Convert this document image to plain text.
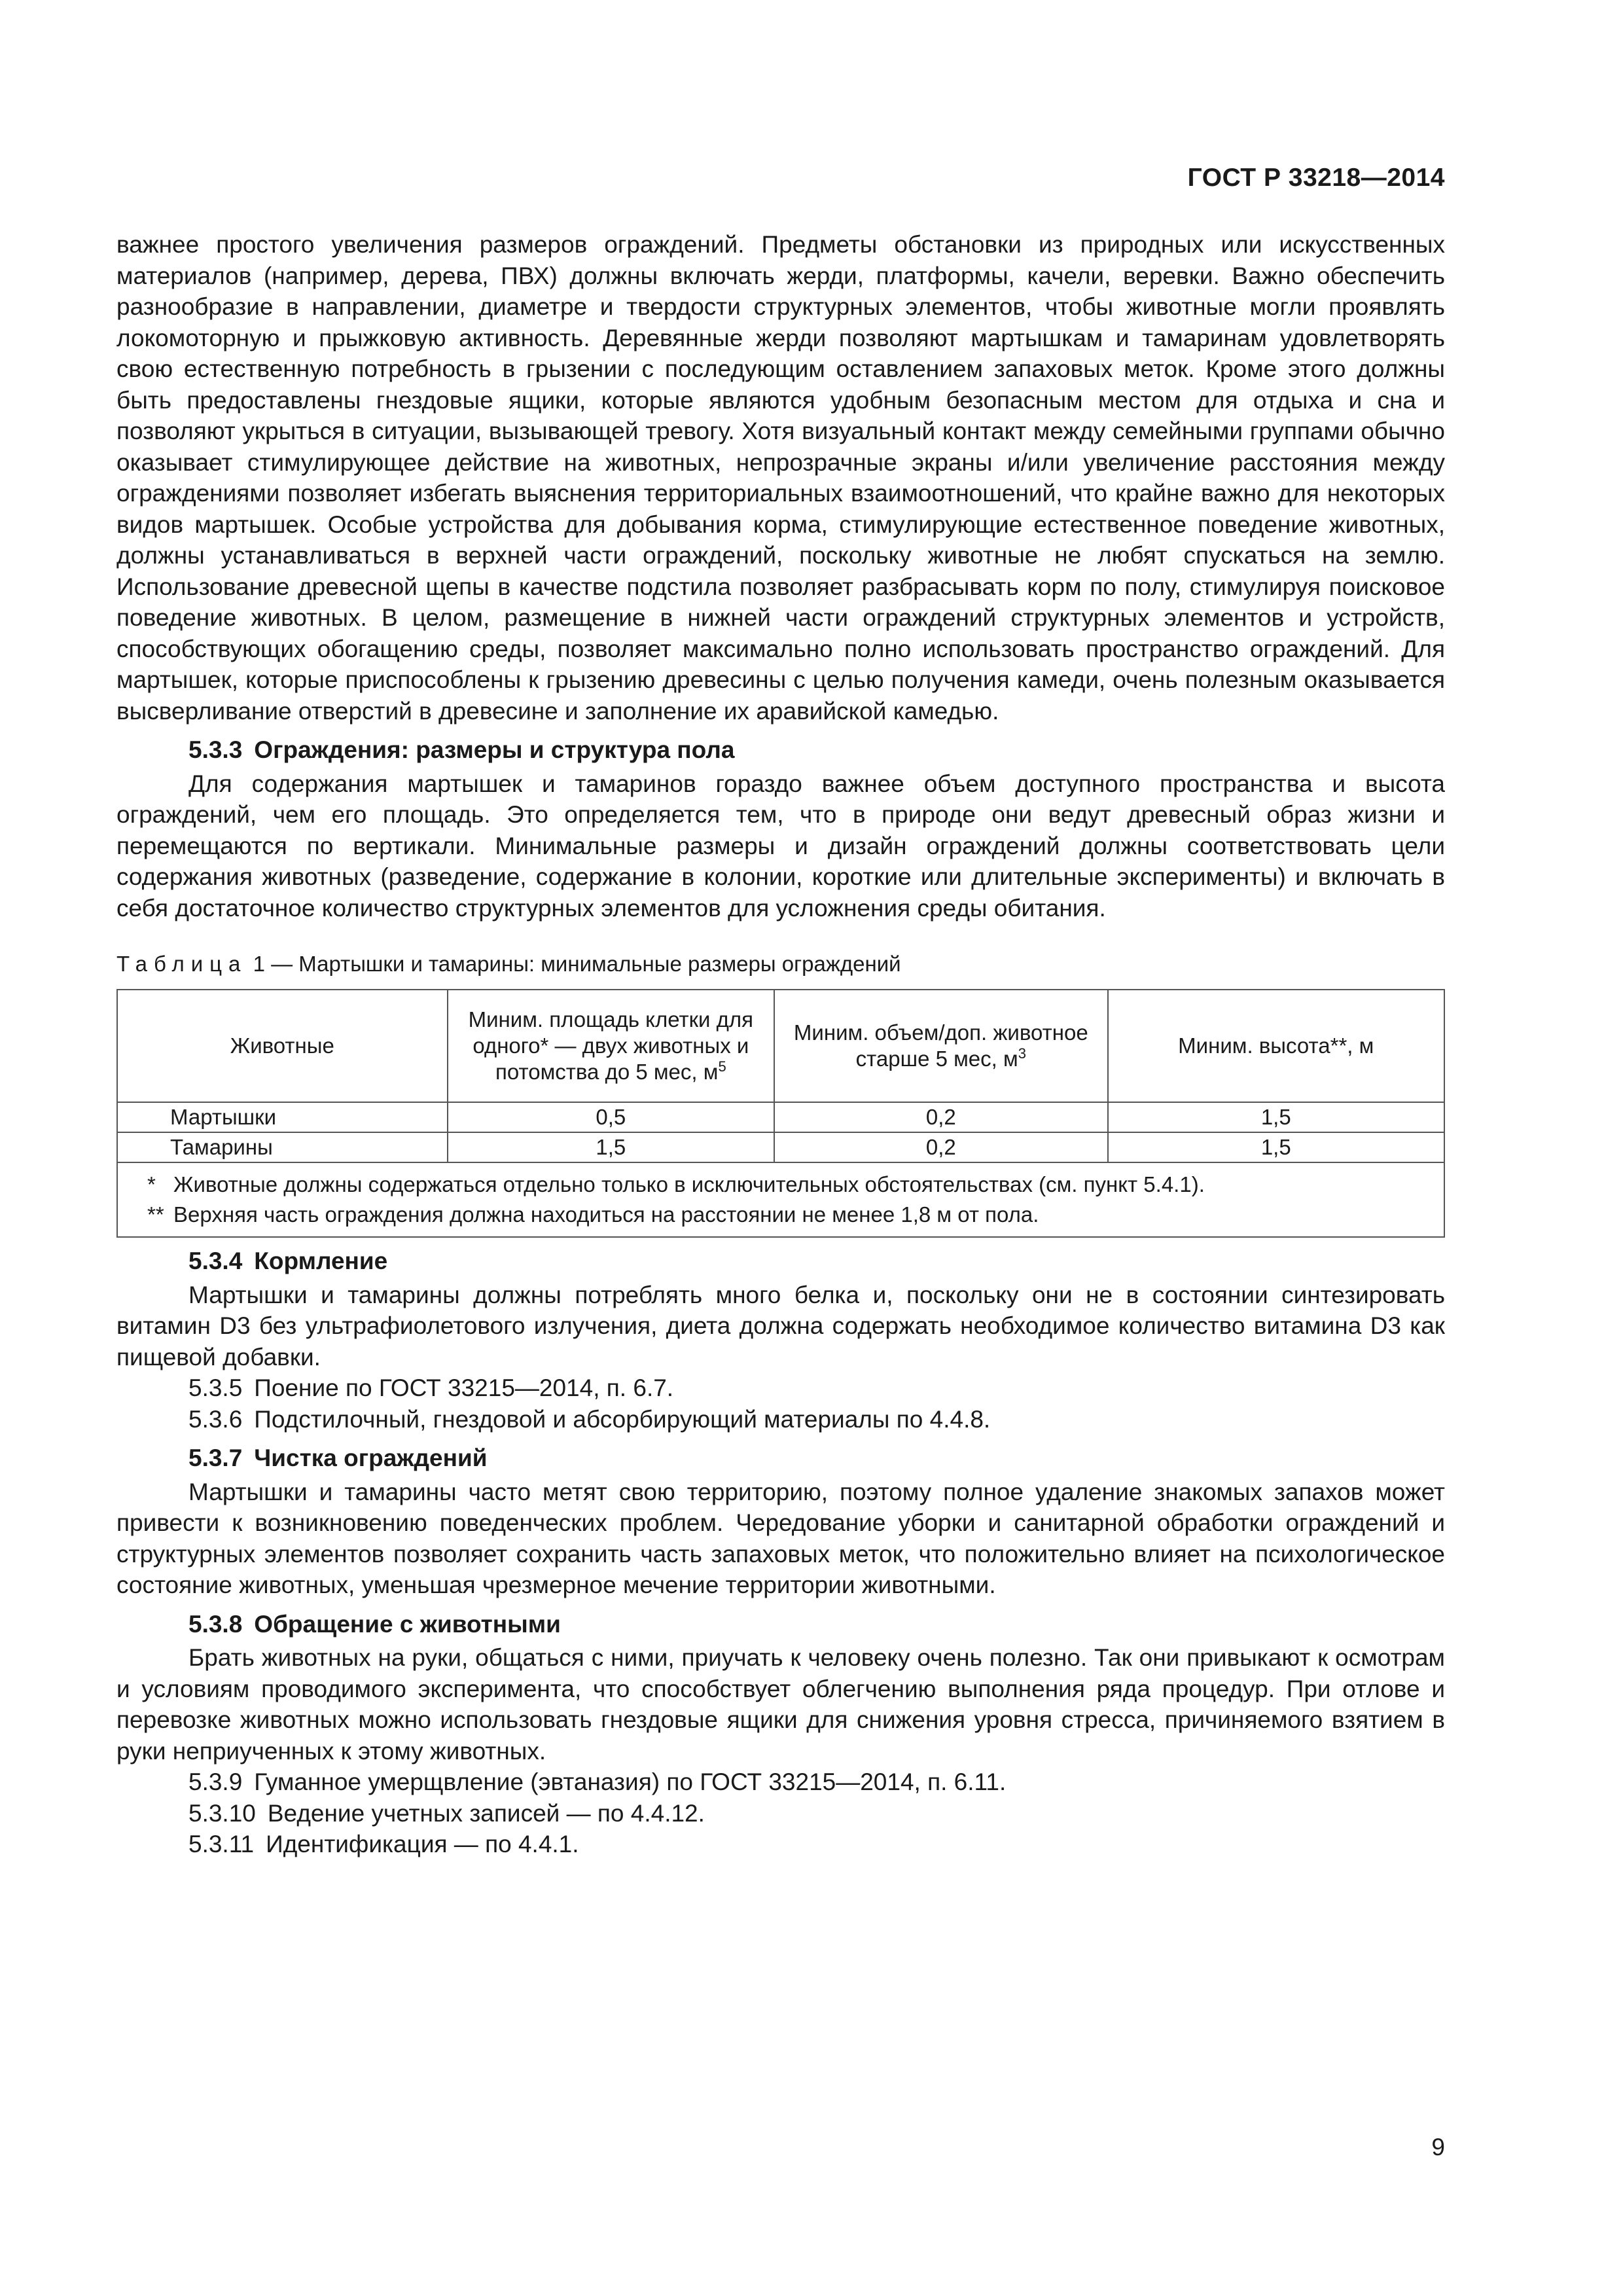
ГОСТ Р 33218—2014

важнее простого увеличения размеров ограждений. Предметы обстановки из природных или искусственных материалов (например, дерева, ПВХ) должны включать жерди, платформы, качели, веревки. Важно обеспечить разнообразие в направлении, диаметре и твердости структурных элементов, чтобы животные могли проявлять локомоторную и прыжковую активность. Деревянные жерди позволяют мартышкам и тамаринам удовлетворять свою естественную потребность в грызении с последующим оставлением запаховых меток. Кроме этого должны быть предоставлены гнездовые ящики, которые являются удобным безопасным местом для отдыха и сна и позволяют укрыться в ситуации, вызывающей тревогу. Хотя визуальный контакт между семейными группами обычно оказывает стимулирующее действие на животных, непрозрачные экраны и/или увеличение расстояния между ограждениями позволяет избегать выяснения территориальных взаимоотношений, что крайне важно для некоторых видов мартышек. Особые устройства для добывания корма, стимулирующие естественное поведение животных, должны устанавливаться в верхней части ограждений, поскольку животные не любят спускаться на землю. Использование древесной щепы в качестве подстила позволяет разбрасывать корм по полу, стимулируя поисковое поведение животных. В целом, размещение в нижней части ограждений структурных элементов и устройств, способствующих обогащению среды, позволяет максимально полно использовать пространство ограждений. Для мартышек, которые приспособлены к грызению древесины с целью получения камеди, очень полезным оказывается высверливание отверстий в древесине и заполнение их аравийской камедью.

5.3.3 Ограждения: размеры и структура пола

Для содержания мартышек и тамаринов гораздо важнее объем доступного пространства и высота ограждений, чем его площадь. Это определяется тем, что в природе они ведут древесный образ жизни и перемещаются по вертикали. Минимальные размеры и дизайн ограждений должны соответствовать цели содержания животных (разведение, содержание в колонии, короткие или длительные эксперименты) и включать в себя достаточное количество структурных элементов для усложнения среды обитания.

Таблица 1 — Мартышки и тамарины: минимальные размеры ограждений
Животные	Миним. площадь клетки для одного* — двух животных и потомства до 5 мес, $м^5$	Миним. объем/доп. животное старше 5 мес, $м^3$	Миним. высота**, м
Мартышки	0,5	0,2	1,5
Тамарины	1,5	0,2	1,5

* Животные должны содержаться отдельно только в исключительных обстоятельствах (см. пункт 5.4.1).
** Верхняя часть ограждения должна находиться на расстоянии не менее 1,8 м от пола.			
5.3.4 Кормление

Мартышки и тамарины должны потреблять много белка и, поскольку они не в состоянии синтезировать витамин D3 без ультрафиолетового излучения, диета должна содержать необходимое количество витамина D3 как пищевой добавки.

5.3.5 Поение по ГОСТ 33215—2014, п. 6.7.
5.3.6 Подстилочный, гнездовой и абсорбирующий материалы по 4.4.8.
5.3.7 Чистка ограждений

Мартышки и тамарины часто метят свою территорию, поэтому полное удаление знакомых запахов может привести к возникновению поведенческих проблем. Чередование уборки и санитарной обработки ограждений и структурных элементов позволяет сохранить часть запаховых меток, что положительно влияет на психологическое состояние животных, уменьшая чрезмерное мечение территории животными.

5.3.8 Обращение с животными

Брать животных на руки, общаться с ними, приучать к человеку очень полезно. Так они привыкают к осмотрам и условиям проводимого эксперимента, что способствует облегчению выполнения ряда процедур. При отлове и перевозке животных можно использовать гнездовые ящики для снижения уровня стресса, причиняемого взятием в руки неприученных к этому животных.

5.3.9 Гуманное умерщвление (эвтаназия) по ГОСТ 33215—2014, п. 6.11.
5.3.10 Ведение учетных записей — по 4.4.12.
5.3.11 Идентификация — по 4.4.1.
9
